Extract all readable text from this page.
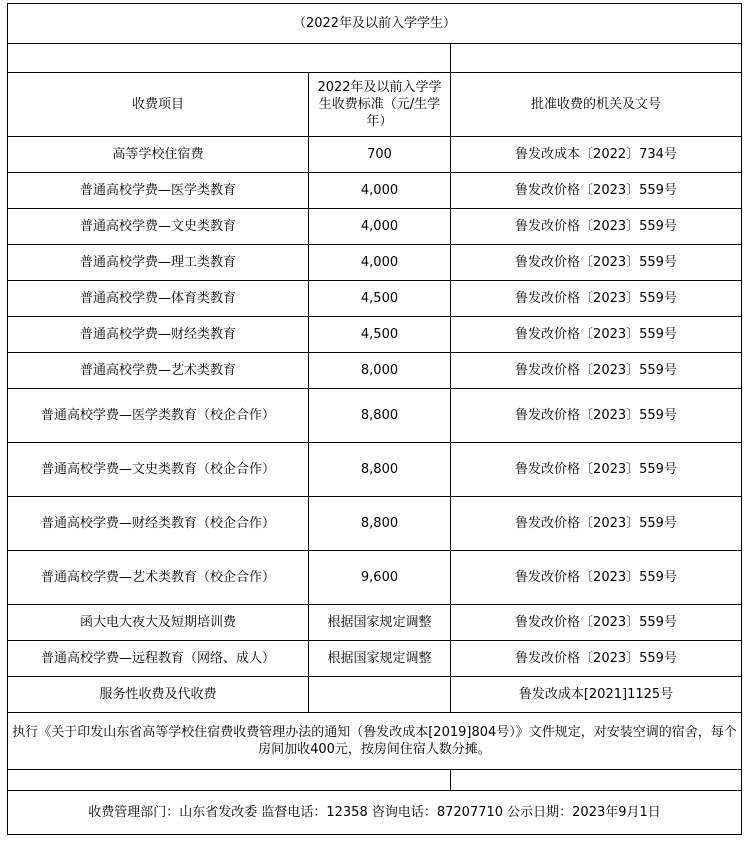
（2022年及以前入学学生）		

收费项目	2022年及以前入学学生收费标准（元/生学年）	批准收费的机关及文号
高等学校住宿费	700	鲁发改成本〔2022〕734号
普通高校学费—医学类教育	4,000	鲁发改价格〔2023〕559号
普通高校学费—文史类教育	4,000	鲁发改价格〔2023〕559号
普通高校学费—理工类教育	4,000	鲁发改价格〔2023〕559号
普通高校学费—体育类教育	4,500	鲁发改价格〔2023〕559号
普通高校学费—财经类教育	4,500	鲁发改价格〔2023〕559号
普通高校学费—艺术类教育	8,000	鲁发改价格〔2023〕559号
普通高校学费—医学类教育（校企合作）	8,800	鲁发改价格〔2023〕559号
普通高校学费—文史类教育（校企合作）	8,800	鲁发改价格〔2023〕559号
普通高校学费—财经类教育（校企合作）	8,800	鲁发改价格〔2023〕559号
普通高校学费—艺术类教育（校企合作）	9,600	鲁发改价格〔2023〕559号
函大电大夜大及短期培训费	根据国家规定调整	鲁发改价格〔2023〕559号
普通高校学费—远程教育（网络、成人）	根据国家规定调整	鲁发改价格〔2023〕559号
服务性收费及代收费		鲁发改成本[2021]1125号
执行《关于印发山东省高等学校住宿费收费管理办法的通知（鲁发改成本[2019]804号）》文件规定，对安装空调的宿舍，每个房间加收400元，按房间住宿人数分摊。		

收费管理部门：山东省发改委 监督电话：12358 咨询电话：87207710 公示日期：2023年9月1日		
